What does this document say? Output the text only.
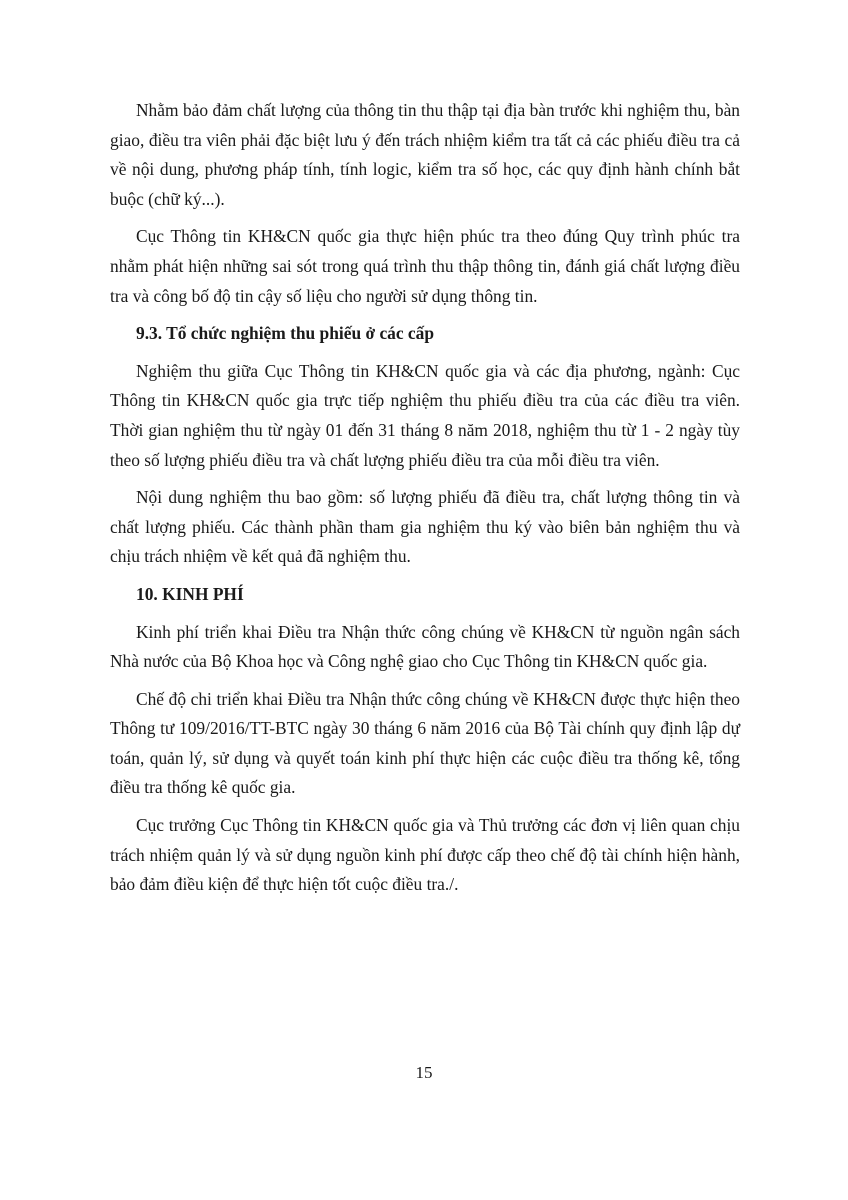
Nhằm bảo đảm chất lượng của thông tin thu thập tại địa bàn trước khi nghiệm thu, bàn giao, điều tra viên phải đặc biệt lưu ý đến trách nhiệm kiểm tra tất cả các phiếu điều tra cả về nội dung, phương pháp tính, tính logic, kiểm tra số học, các quy định hành chính bắt buộc (chữ ký...).

Cục Thông tin KH&CN quốc gia thực hiện phúc tra theo đúng Quy trình phúc tra nhằm phát hiện những sai sót trong quá trình thu thập thông tin, đánh giá chất lượng điều tra và công bố độ tin cậy số liệu cho người sử dụng thông tin.

9.3. Tổ chức nghiệm thu phiếu ở các cấp

Nghiệm thu giữa Cục Thông tin KH&CN quốc gia và các địa phương, ngành: Cục Thông tin KH&CN quốc gia trực tiếp nghiệm thu phiếu điều tra của các điều tra viên. Thời gian nghiệm thu từ ngày 01 đến 31 tháng 8 năm 2018, nghiệm thu từ 1 - 2 ngày tùy theo số lượng phiếu điều tra và chất lượng phiếu điều tra của mỗi điều tra viên.

Nội dung nghiệm thu bao gồm: số lượng phiếu đã điều tra, chất lượng thông tin và chất lượng phiếu. Các thành phần tham gia nghiệm thu ký vào biên bản nghiệm thu và chịu trách nhiệm về kết quả đã nghiệm thu.

10. KINH PHÍ

Kinh phí triển khai Điều tra Nhận thức công chúng về KH&CN từ nguồn ngân sách Nhà nước của Bộ Khoa học và Công nghệ giao cho Cục Thông tin KH&CN quốc gia.

Chế độ chi triển khai Điều tra Nhận thức công chúng về KH&CN được thực hiện theo Thông tư 109/2016/TT-BTC ngày 30 tháng 6 năm 2016 của Bộ Tài chính quy định lập dự toán, quản lý, sử dụng và quyết toán kinh phí thực hiện các cuộc điều tra thống kê, tổng điều tra thống kê quốc gia.

Cục trưởng Cục Thông tin KH&CN quốc gia và Thủ trưởng các đơn vị liên quan chịu trách nhiệm quản lý và sử dụng nguồn kinh phí được cấp theo chế độ tài chính hiện hành, bảo đảm điều kiện để thực hiện tốt cuộc điều tra./.

15
